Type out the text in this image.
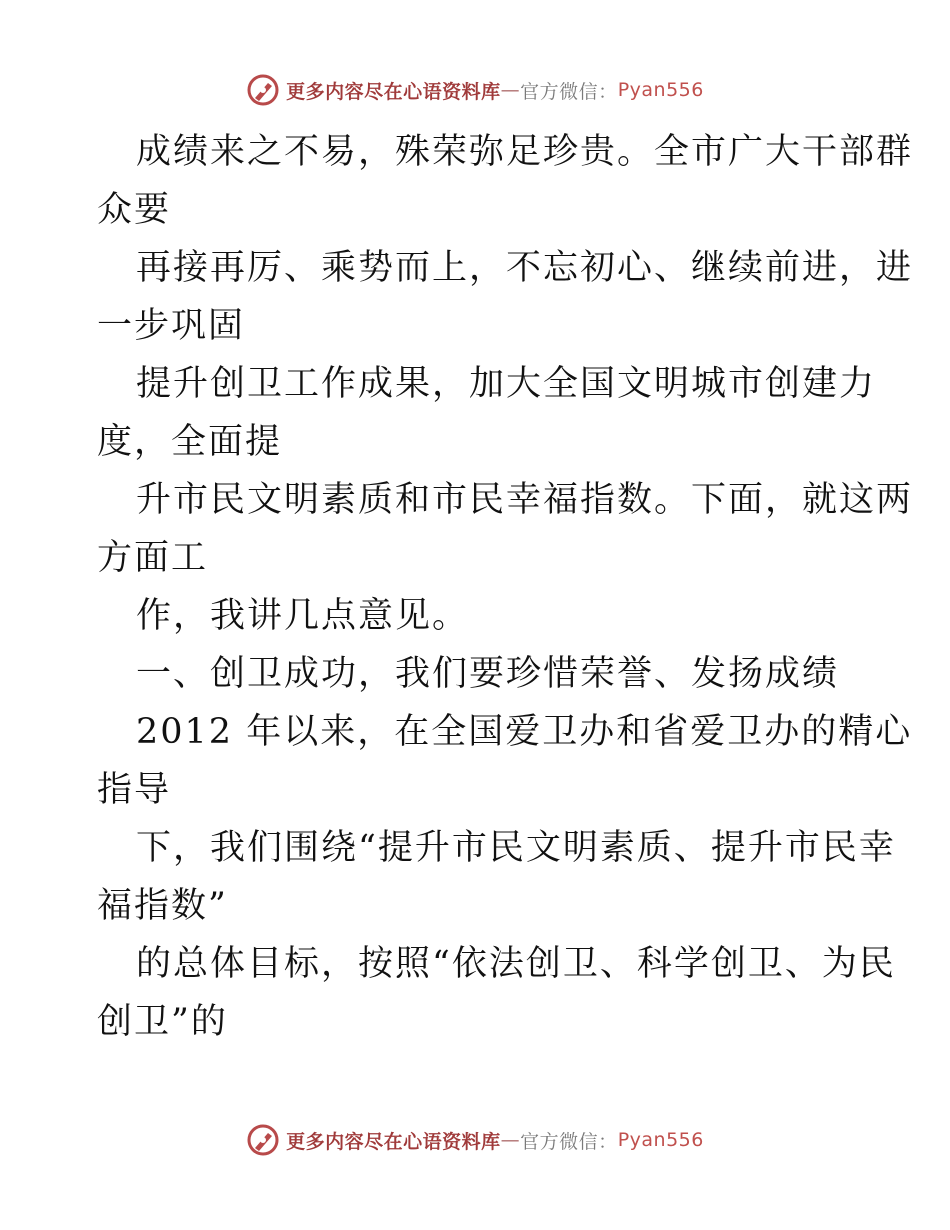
更多内容尽在心语资料库 — 官方微信： Pyan556
成绩来之不易，殊荣弥足珍贵。全市广大干部群
众要
再接再厉、乘势而上，不忘初心、继续前进，进
一步巩固
提升创卫工作成果，加大全国文明城市创建力
度，全面提
升市民文明素质和市民幸福指数。下面，就这两
方面工
作，我讲几点意见。
一、创卫成功，我们要珍惜荣誉、发扬成绩
2012 年以来，在全国爱卫办和省爱卫办的精心
指导
下，我们围绕“提升市民文明素质、提升市民幸
福指数”
的总体目标，按照“依法创卫、科学创卫、为民
创卫”的
更多内容尽在心语资料库 — 官方微信： Pyan556
